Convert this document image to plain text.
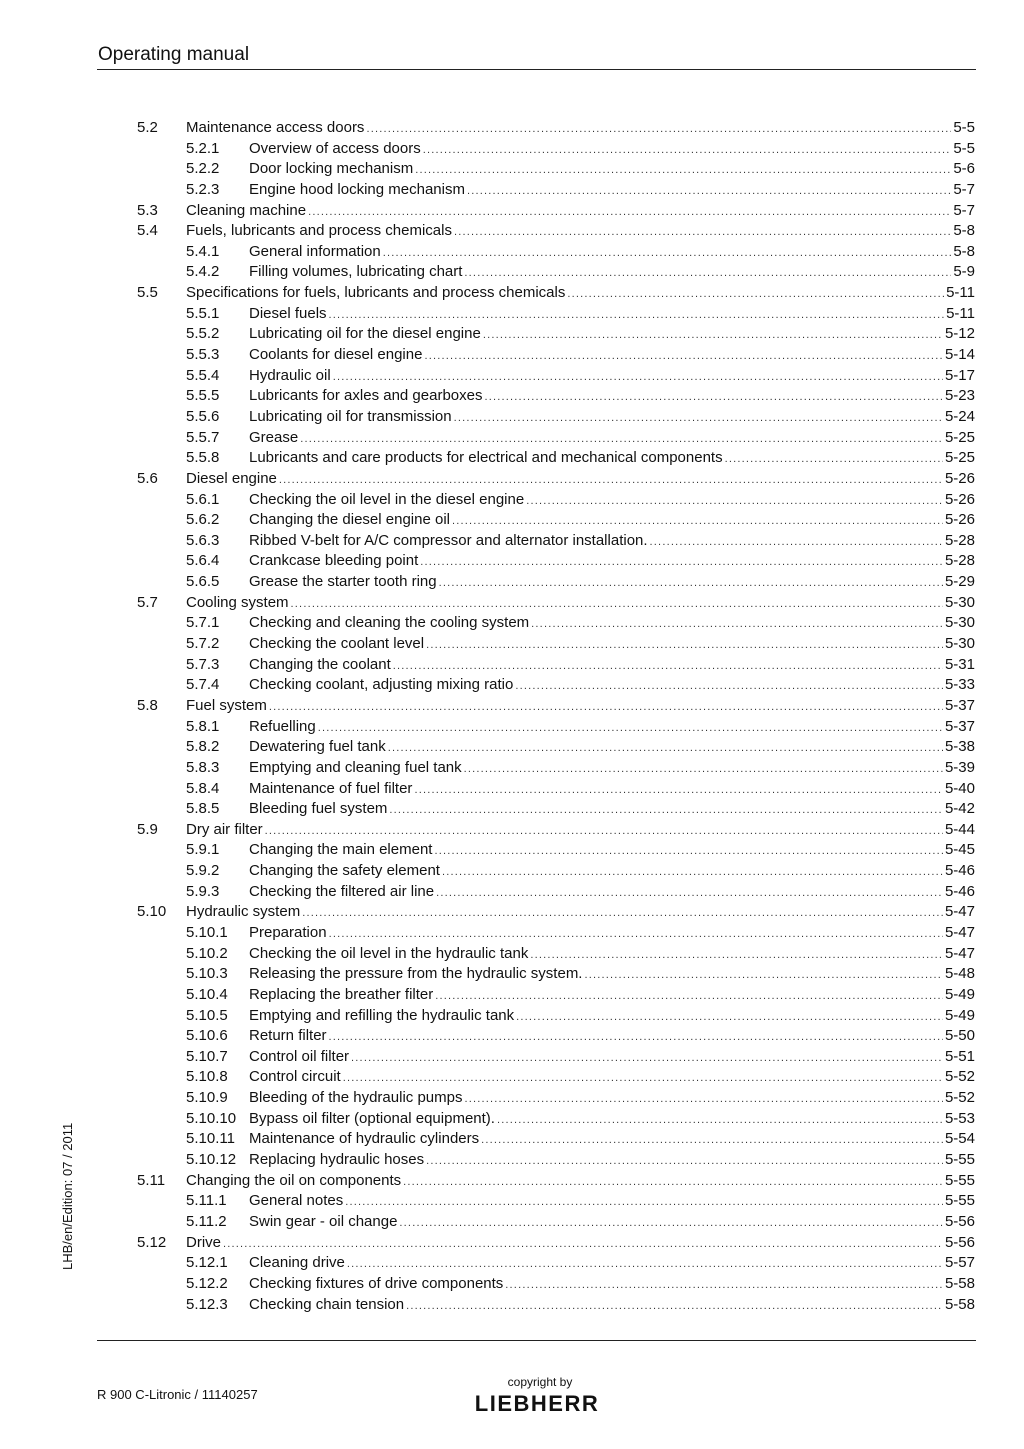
Operating manual
5.2 Maintenance access doors .....	5-5
5.2.1 Overview of access doors .....	5-5
5.2.2 Door locking mechanism .....	5-6
5.2.3 Engine hood locking mechanism .....	5-7
5.3 Cleaning machine .....	5-7
5.4 Fuels, lubricants and process chemicals .....	5-8
5.4.1 General information .....	5-8
5.4.2 Filling volumes, lubricating chart .....	5-9
5.5 Specifications for fuels, lubricants and process chemicals .....	5-11
5.5.1 Diesel fuels .....	5-11
5.5.2 Lubricating oil for the diesel engine .....	5-12
5.5.3 Coolants for diesel engine .....	5-14
5.5.4 Hydraulic oil .....	5-17
5.5.5 Lubricants for axles and gearboxes .....	5-23
5.5.6 Lubricating oil for transmission .....	5-24
5.5.7 Grease .....	5-25
5.5.8 Lubricants and care products for electrical and mechanical components .....	5-25
5.6 Diesel engine .....	5-26
5.6.1 Checking the oil level in the diesel engine .....	5-26
5.6.2 Changing the diesel engine oil .....	5-26
5.6.3 Ribbed V-belt for A/C compressor and alternator installation. .....	5-28
5.6.4 Crankcase bleeding point .....	5-28
5.6.5 Grease the starter tooth ring .....	5-29
5.7 Cooling system .....	5-30
5.7.1 Checking and cleaning the cooling system .....	5-30
5.7.2 Checking the coolant level .....	5-30
5.7.3 Changing the coolant .....	5-31
5.7.4 Checking coolant, adjusting mixing ratio .....	5-33
5.8 Fuel system .....	5-37
5.8.1 Refuelling .....	5-37
5.8.2 Dewatering fuel tank .....	5-38
5.8.3 Emptying and cleaning fuel tank .....	5-39
5.8.4 Maintenance of fuel filter .....	5-40
5.8.5 Bleeding fuel system .....	5-42
5.9 Dry air filter .....	5-44
5.9.1 Changing the main element .....	5-45
5.9.2 Changing the safety element .....	5-46
5.9.3 Checking the filtered air line .....	5-46
5.10 Hydraulic system .....	5-47
5.10.1 Preparation .....	5-47
5.10.2 Checking the oil level in the hydraulic tank .....	5-47
5.10.3 Releasing the pressure from the hydraulic system. .....	5-48
5.10.4 Replacing the breather filter .....	5-49
5.10.5 Emptying and refilling the hydraulic tank .....	5-49
5.10.6 Return filter .....	5-50
5.10.7 Control oil filter .....	5-51
5.10.8 Control circuit .....	5-52
5.10.9 Bleeding of the hydraulic pumps .....	5-52
5.10.10 Bypass oil filter (optional equipment). .....	5-53
5.10.11 Maintenance of hydraulic cylinders .....	5-54
5.10.12 Replacing hydraulic hoses .....	5-55
5.11 Changing the oil on components .....	5-55
5.11.1 General notes .....	5-55
5.11.2 Swin gear - oil change .....	5-56
5.12 Drive .....	5-56
5.12.1 Cleaning drive .....	5-57
5.12.2 Checking fixtures of drive components .....	5-58
5.12.3 Checking chain tension .....	5-58
LHB/en/Edition: 07 / 2011
R 900 C-Litronic / 11140257
copyright by
LIEBHERR
